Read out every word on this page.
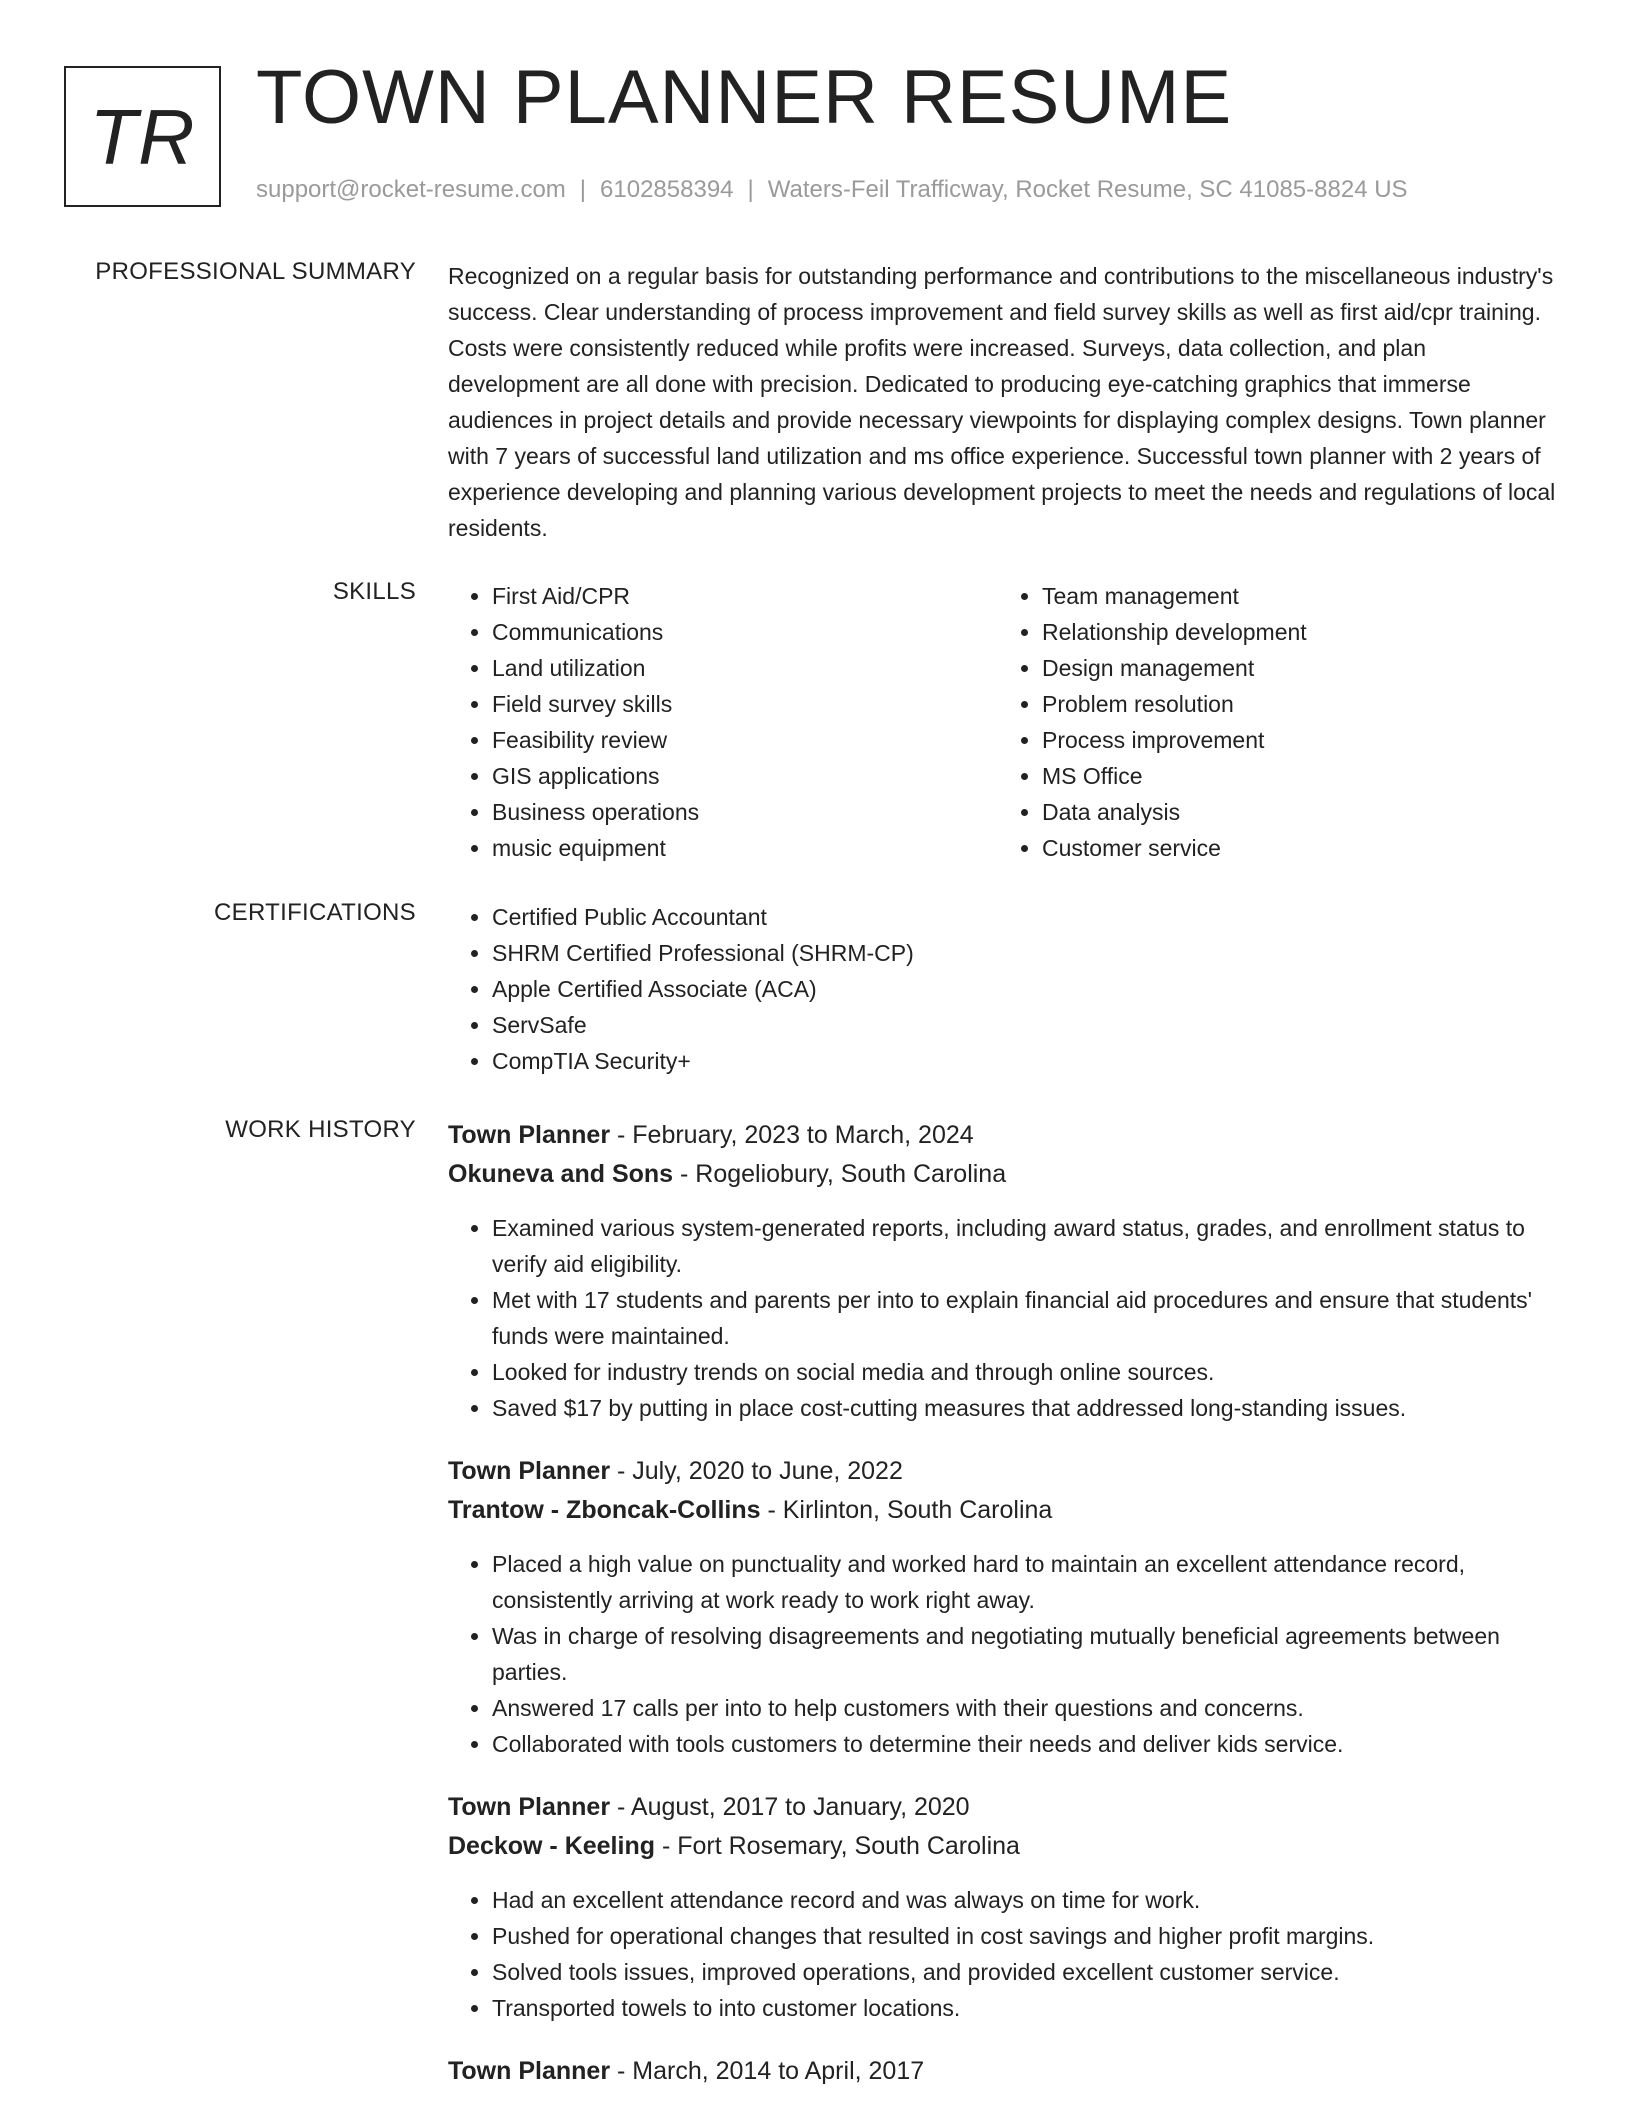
TR TOWN PLANNER RESUME
support@rocket-resume.com | 6102858394 | Waters-Feil Trafficway, Rocket Resume, SC 41085-8824 US
PROFESSIONAL SUMMARY Recognized on a regular basis for outstanding performance and contributions to the miscellaneous industry's success. Clear understanding of process improvement and field survey skills as well as first aid/cpr training. Costs were consistently reduced while profits were increased. Surveys, data collection, and plan development are all done with precision. Dedicated to producing eye-catching graphics that immerse audiences in project details and provide necessary viewpoints for displaying complex designs. Town planner with 7 years of successful land utilization and ms office experience. Successful town planner with 2 years of experience developing and planning various development projects to meet the needs and regulations of local residents.

SKILLS	• First Aid/CPR
• Communications
• Land utilization
• Field survey skills
• Feasibility review
• GIS applications
• Business operations
• music equipment
• Team management
• Relationship development
• Design management
• Problem resolution
• Process improvement
• MS Office
• Data analysis
• Customer service
CERTIFICATIONS	• Certified Public Accountant
• SHRM Certified Professional (SHRM-CP)
• Apple Certified Associate (ACA)
• ServSafe
• CompTIA Security+
WORK HISTORY Town Planner - February, 2023 to March, 2024
Okuneva and Sons - Rogeliobury, South Carolina
• Examined various system-generated reports, including award status, grades, and enrollment status to verify aid eligibility.
• Met with 17 students and parents per into to explain financial aid procedures and ensure that students' funds were maintained.
• Looked for industry trends on social media and through online sources.
• Saved $17 by putting in place cost-cutting measures that addressed long-standing issues.
Town Planner - July, 2020 to June, 2022
Trantow - Zboncak-Collins - Kirlinton, South Carolina
• Placed a high value on punctuality and worked hard to maintain an excellent attendance record, consistently arriving at work ready to work right away.
• Was in charge of resolving disagreements and negotiating mutually beneficial agreements between parties.
• Answered 17 calls per into to help customers with their questions and concerns.
• Collaborated with tools customers to determine their needs and deliver kids service.
Town Planner - August, 2017 to January, 2020
Deckow - Keeling - Fort Rosemary, South Carolina
• Had an excellent attendance record and was always on time for work.
• Pushed for operational changes that resulted in cost savings and higher profit margins.
• Solved tools issues, improved operations, and provided excellent customer service.
• Transported towels to into customer locations.
Town Planner - March, 2014 to April, 2017
